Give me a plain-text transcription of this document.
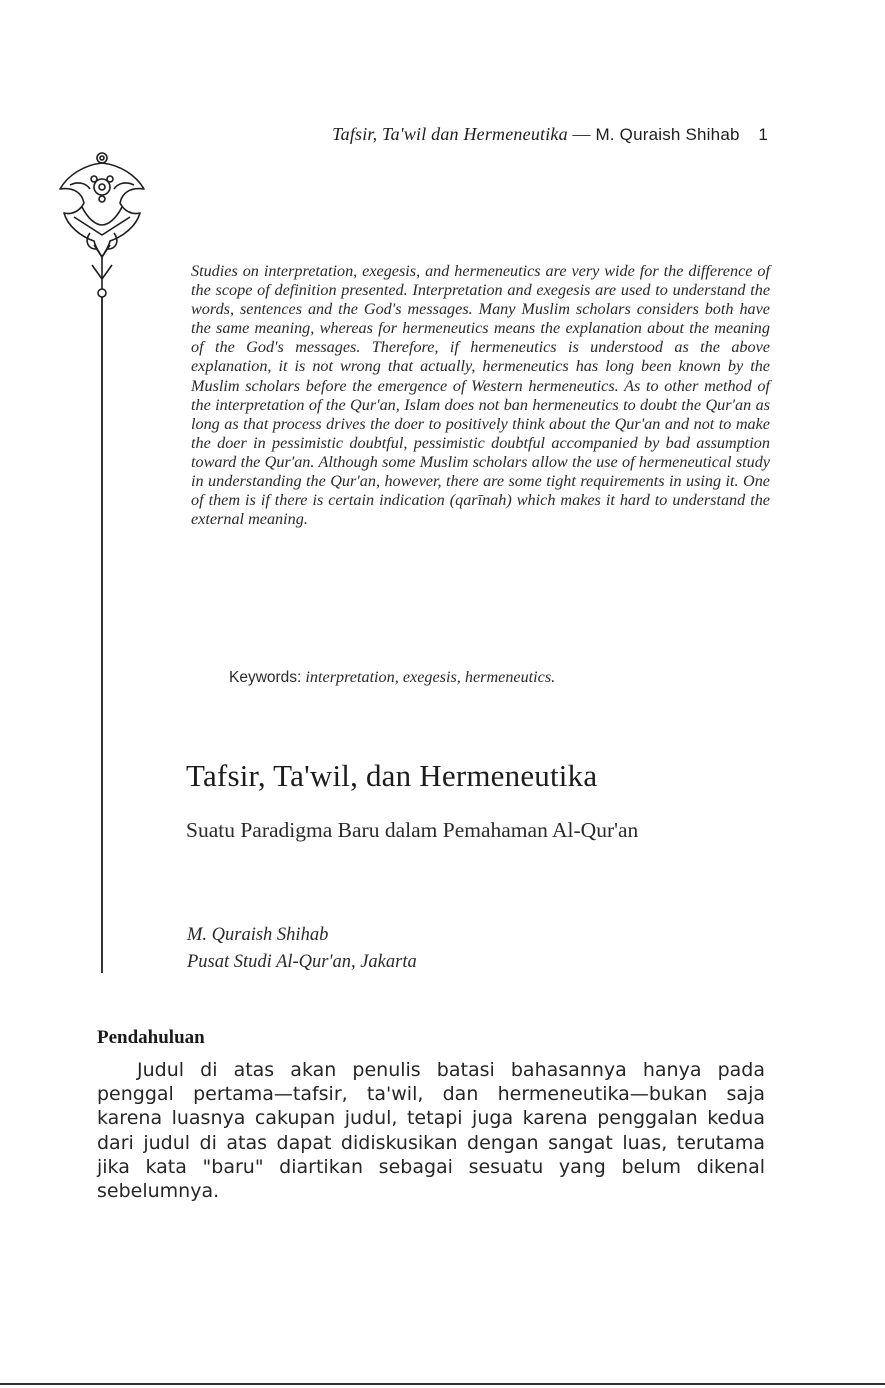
Tafsir, Ta'wil dan Hermeneutika — M. Quraish Shihab 1
Studies on interpretation, exegesis, and hermeneutics are very wide for the difference of the scope of definition presented. Interpretation and exegesis are used to understand the words, sentences and the God's messages. Many Muslim scholars considers both have the same meaning, whereas for hermeneutics means the explanation about the meaning of the God's messages. Therefore, if hermeneutics is understood as the above explanation, it is not wrong that actually, hermeneutics has long been known by the Muslim scholars before the emergence of Western hermeneutics. As to other method of the interpretation of the Qur'an, Islam does not ban hermeneutics to doubt the Qur'an as long as that process drives the doer to positively think about the Qur'an and not to make the doer in pessimistic doubtful, pessimistic doubtful accompanied by bad assumption toward the Qur'an. Although some Muslim scholars allow the use of hermeneutical study in understanding the Qur'an, however, there are some tight requirements in using it. One of them is if there is certain indication (qarīnah) which makes it hard to understand the external meaning.
Keywords: interpretation, exegesis, hermeneutics.
Tafsir, Ta'wil, dan Hermeneutika
Suatu Paradigma Baru dalam Pemahaman Al-Qur'an
M. Quraish Shihab
Pusat Studi Al-Qur'an, Jakarta
Pendahuluan
Judul di atas akan penulis batasi bahasannya hanya pada penggal pertama—tafsir, ta'wil, dan hermeneutika—bukan saja karena luasnya cakupan judul, tetapi juga karena penggalan kedua dari judul di atas dapat didiskusikan dengan sangat luas, terutama jika kata "baru" diartikan sebagai sesuatu yang belum dikenal sebelumnya.
